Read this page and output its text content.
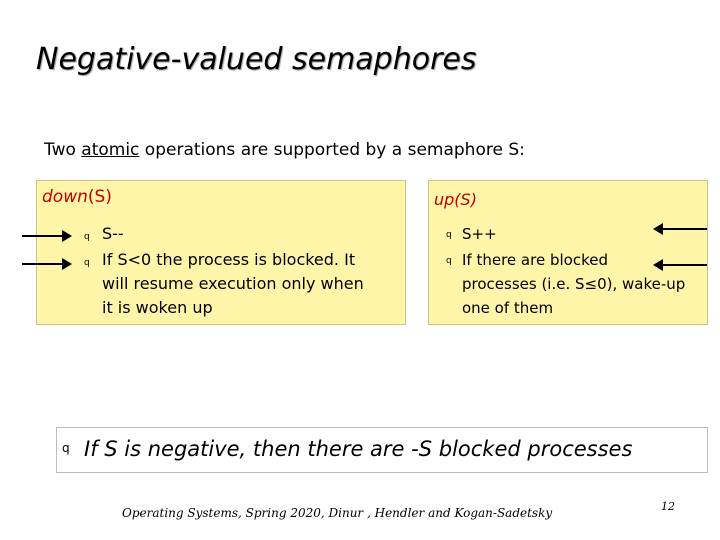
Negative-valued semaphores
Two atomic operations are supported by a semaphore S:
down(S)
q S--
q If S<0 the process is blocked. It
will resume execution only when
it is woken up
up(S)
q S++
q If there are blocked
processes (i.e. S≤0), wake-up
one of them
q If S is negative, then there are -S blocked processes
Operating Systems, Spring 2020, Dinur , Hendler and Kogan-Sadetsky	12
